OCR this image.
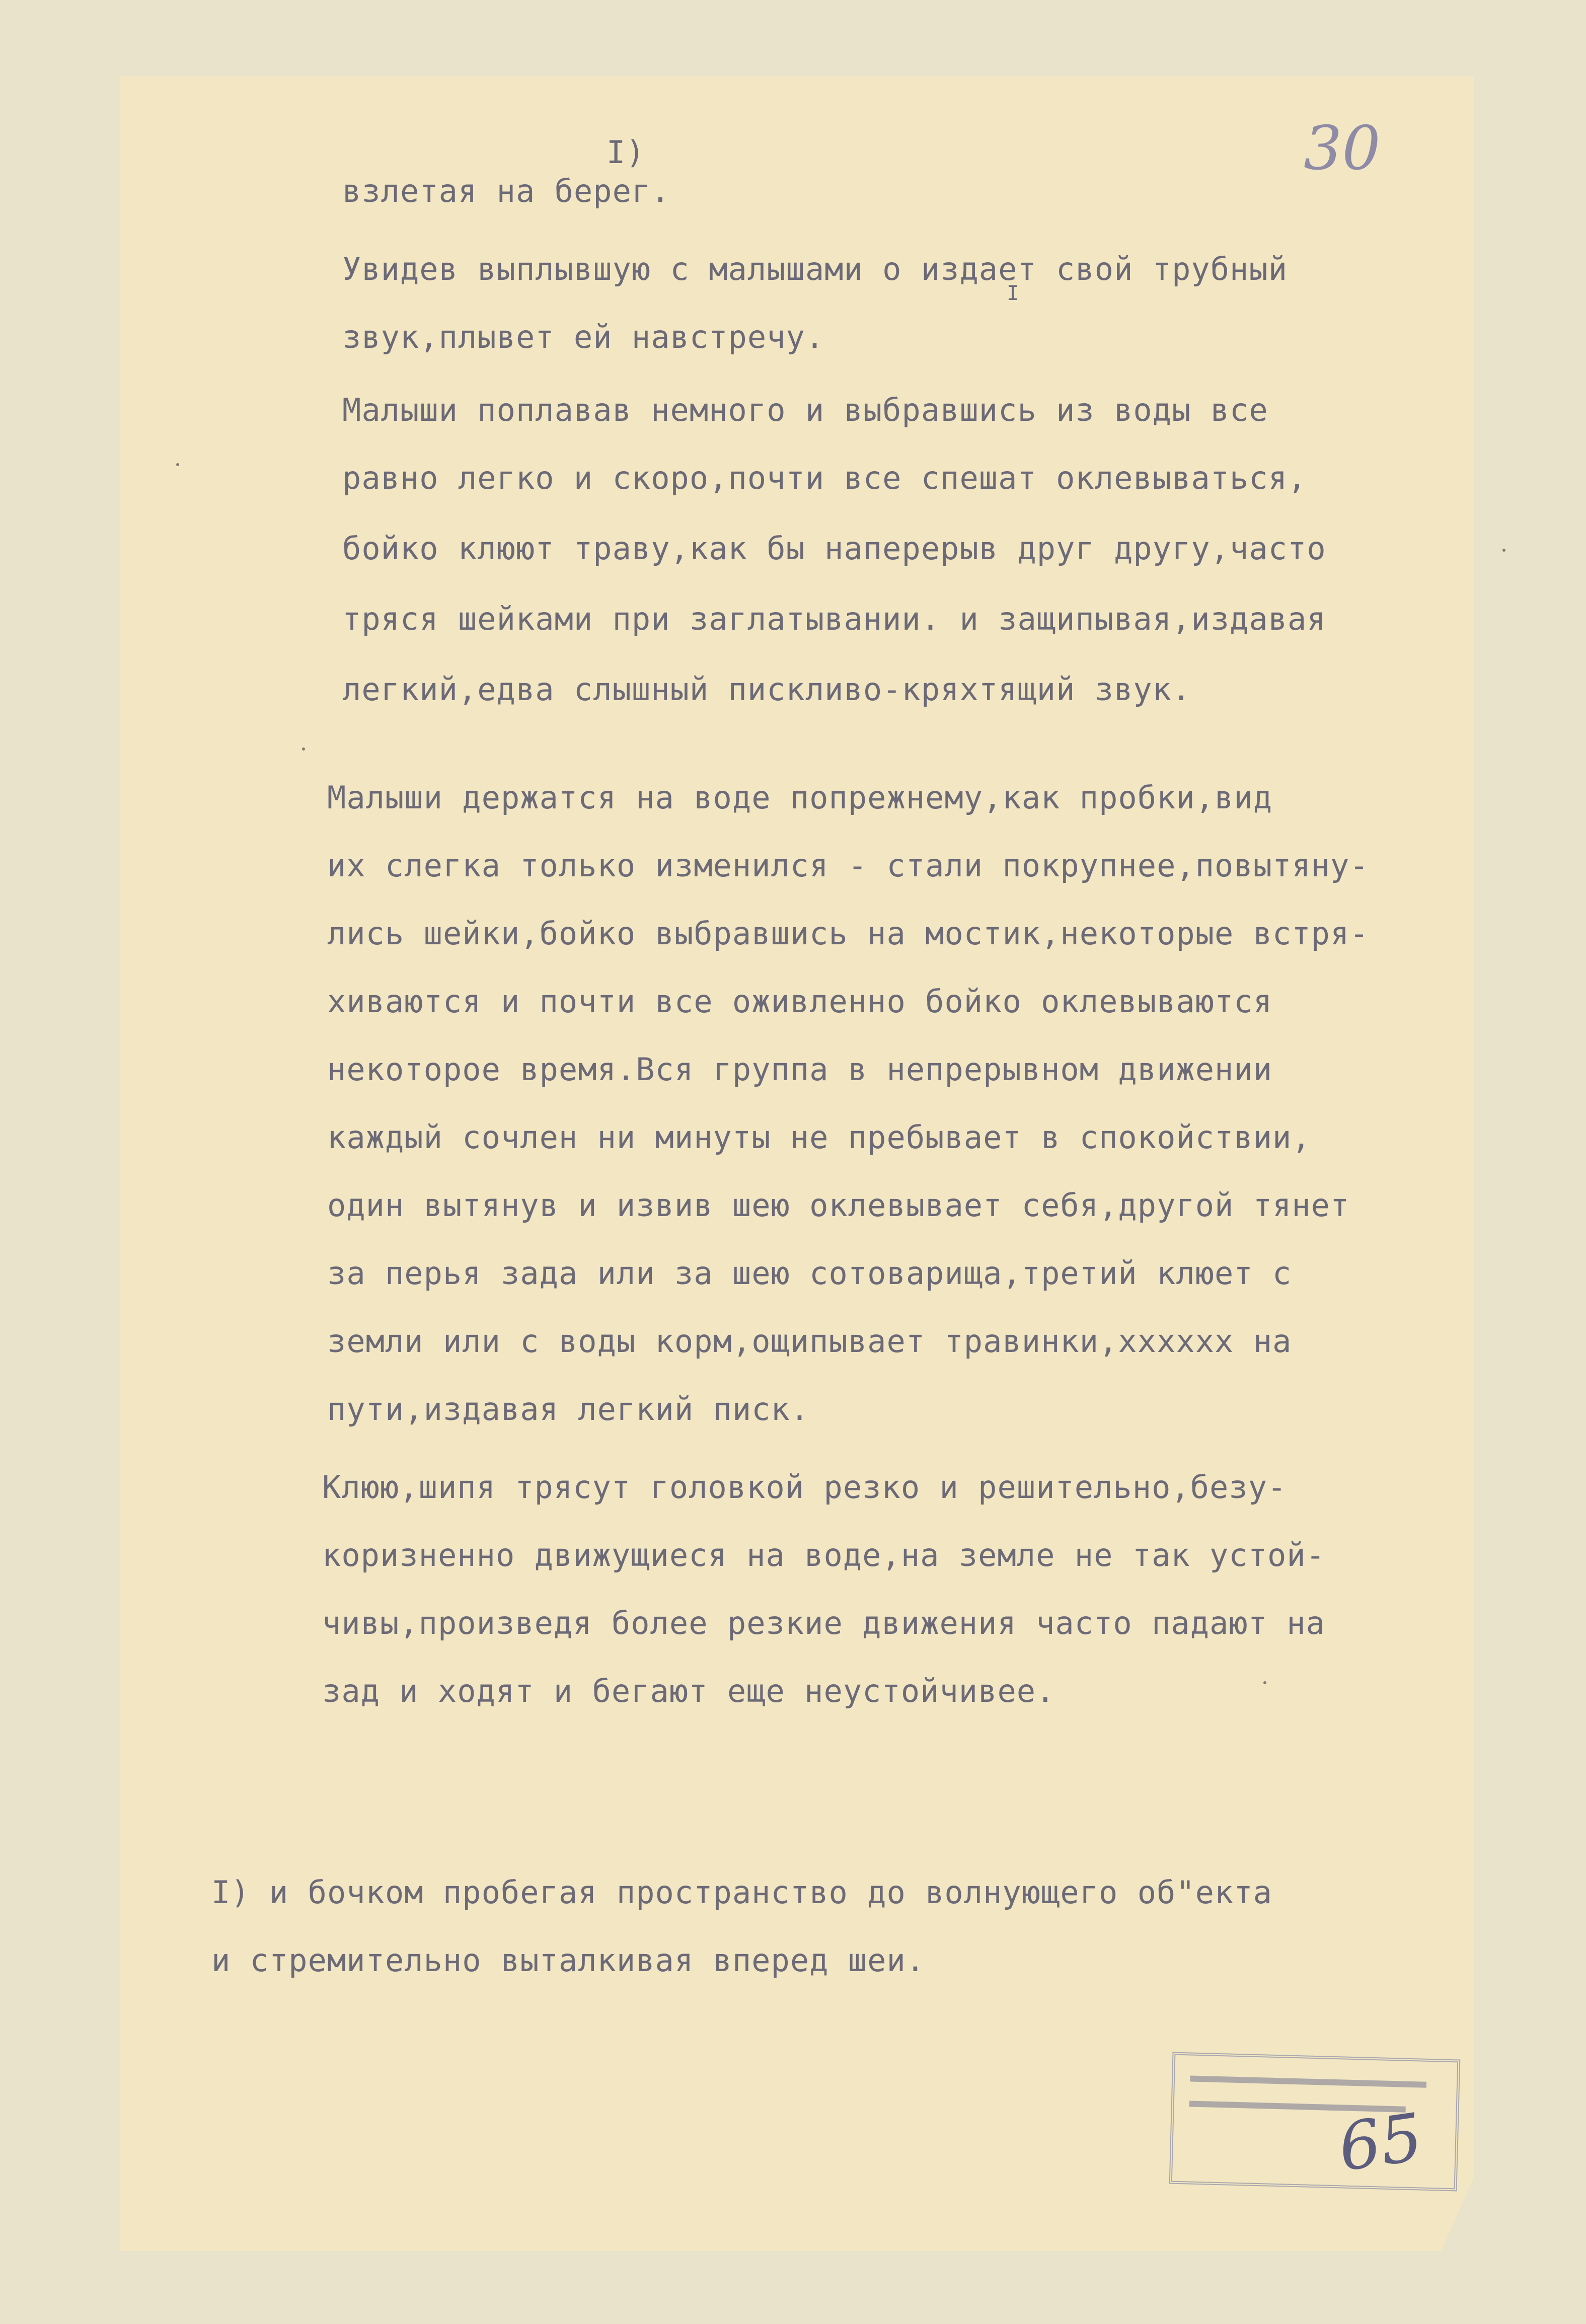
30
I)
взлетая на берег.
Увидев выплывшую с малышами о издает свой трубный
I
звук,плывет ей навстречу.
Малыши поплавав немного и выбравшись из воды все
равно легко и скоро,почти все спешат оклевываться,
бойко клюют траву,как бы наперерыв друг другу,часто
тряся шейками при заглатывании. и защипывая,издавая
легкий,едва слышный пискливо-кряхтящий звук.
Малыши держатся на воде попрежнему,как пробки,вид
их слегка только изменился - стали покрупнее,повытяну-
лись шейки,бойко выбравшись на мостик,некоторые встря-
хиваются и почти все оживленно бойко оклевываются
некоторое время.Вся группа в непрерывном движении
каждый сочлен ни минуты не пребывает в спокойствии,
один вытянув и извив шею оклевывает себя,другой тянет
за перья зада или за шею сотоварища,третий клюет с
земли или с воды корм,ощипывает травинки,хххххх на
пути,издавая легкий писк.
Клюю,шипя трясут головкой резко и решительно,безу-
коризненно движущиеся на воде,на земле не так устой-
чивы,произведя более резкие движения часто падают на
зад и ходят и бегают еще неустойчивее.
I) и бочком пробегая пространство до волнующего об"екта
и стремительно выталкивая вперед шеи.
65
